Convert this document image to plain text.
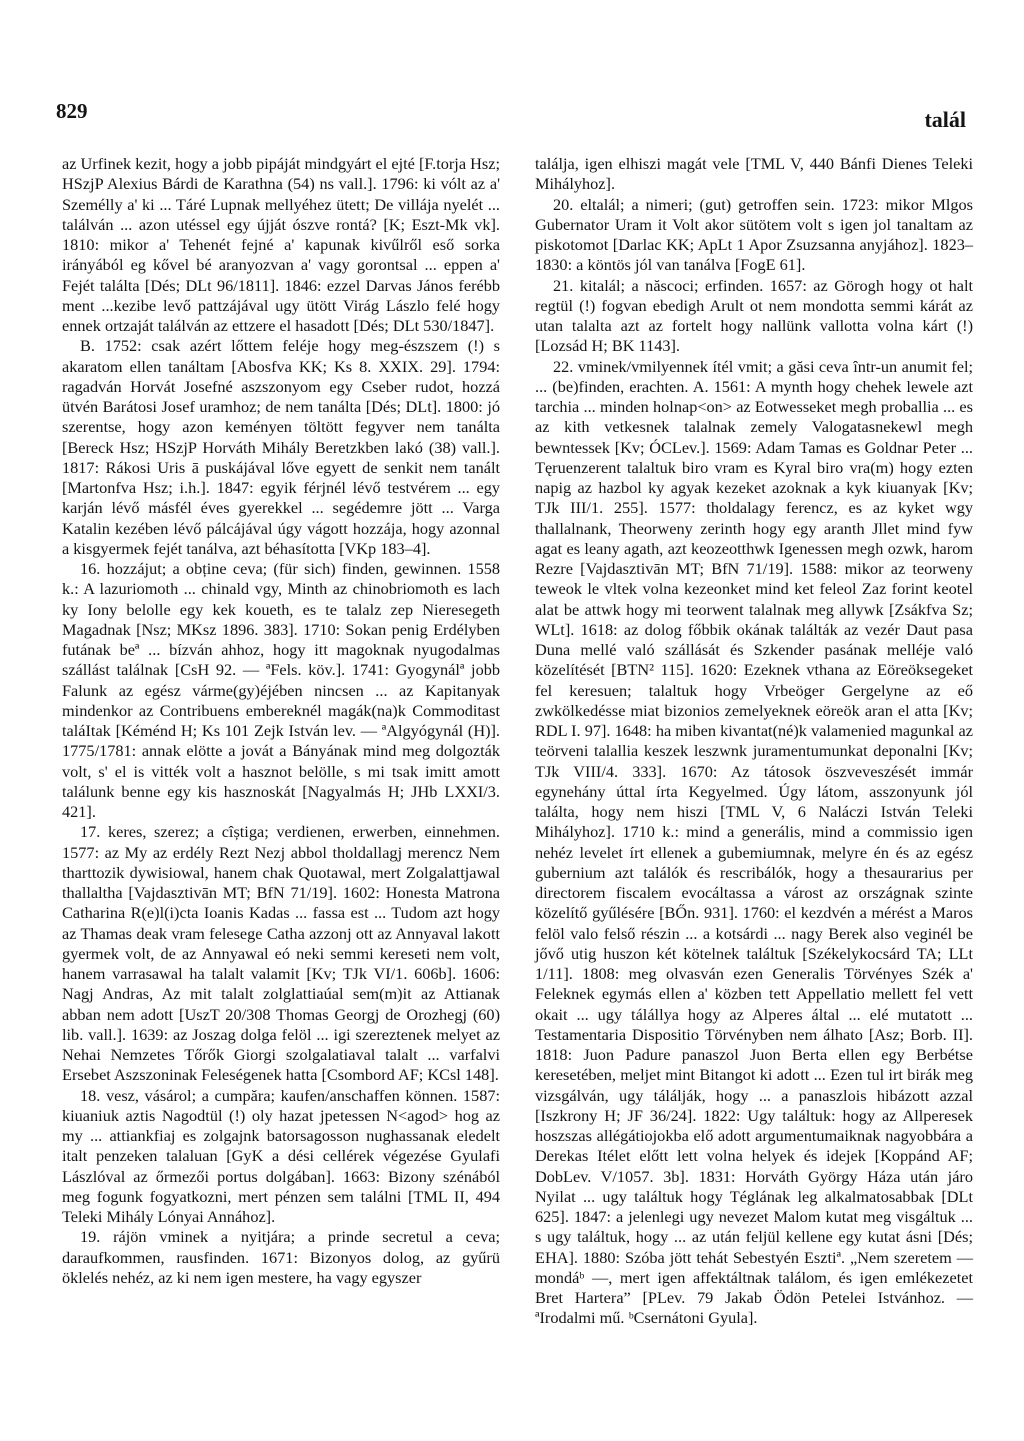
829	talál

az Urfinek kezit, hogy a jobb pipáját mindgyárt el ejté [F.torja Hsz; HSzjP Alexius Bárdi de Karathna (54) ns vall.]. 1796: ki vólt az a' Személly a' ki ... Táré Lupnak mellyéhez ütett; De villája nyelét ... találván ... azon utéssel egy újját ószve rontá? [K; Eszt-Mk vk]. 1810: mikor a' Tehenét fejné a' kapunak kivűlről eső sorka irányából eg kővel bé aranyozvan a' vagy gorontsal ... eppen a' Fejét találta [Dés; DLt 96/1811]. 1846: ezzel Darvas János ferébb ment ...kezibe levő pattzájával ugy ütött Virág Lászlo felé hogy ennek ortzaját találván az ettzere el hasadott [Dés; DLt 530/1847].

B. 1752: csak azért lőttem feléje hogy meg-észszem (!) s akaratom ellen tanáltam [Abosfva KK; Ks 8. XXIX. 29]. 1794: ragadván Horvát Josefné aszszonyom egy Cseber rudot, hozzá ütvén Barátosi Josef uramhoz; de nem tanálta [Dés; DLt]. 1800: jó szerentse, hogy azon keményen töltött fegyver nem tanálta [Bereck Hsz; HSzjP Horváth Mihály Beretzkben lakó (38) vall.]. 1817: Rákosi Uris ā puskájával lőve egyett de senkit nem tanált [Martonfva Hsz; i.h.]. 1847: egyik férjnél lévő testvérem ... egy karján lévő másfél éves gyerekkel ... segédemre jött ... Varga Katalin kezében lévő pálcájával úgy vágott hozzája, hogy azonnal a kisgyermek fejét tanálva, azt béhasította [VKp 183–4].

16. hozzájut; a obține ceva; (für sich) finden, gewinnen. 1558 k.: A lazuriomoth ... chinald vgy, Minth az chinobriomoth es lach ky Iony belolle egy kek koueth, es te talalz zep Nieresegeth Magadnak [Nsz; MKsz 1896. 383]. 1710: Sokan penig Erdélyben futának beª ... bízván ahhoz, hogy itt magoknak nyugodalmas szállást találnak [CsH 92. — ªFels. köv.]. 1741: Gyogynálª jobb Falunk az egész várme(gy)éjében nincsen ... az Kapitanyak mindenkor az Contribuens embereknél magák(na)k Commoditast taláItak [Kéménd H; Ks 101 Zejk István lev. — ªAlgyógynál (H)]. 1775/1781: annak elötte a jovát a Bányának mind meg dolgozták volt, s' el is vitték volt a hasznot belölle, s mi tsak imitt amott találunk benne egy kis hasznoskát [Nagyalmás H; JHb LXXI/3. 421].

17. keres, szerez; a cîștiga; verdienen, erwerben, einnehmen. 1577: az My az erdély Rezt Nezj abbol tholdallagj merencz Nem tharttozik dywisiowal, hanem chak Quotawal, mert Zolgalattjawal thallaltha [Vajdasztivān MT; BfN 71/19]. 1602: Honesta Matrona Catharina R(e)l(i)cta Ioanis Kadas ... fassa est ... Tudom azt hogy az Thamas deak vram felesege Catha azzonj ott az Annyaval lakott gyermek volt, de az Annyawal eó neki semmi kereseti nem volt, hanem varrasawal ha talalt valamit [Kv; TJk VI/1. 606b]. 1606: Nagj Andras, Az mit talalt zolglattiaúal sem(m)it az Attianak abban nem adott [UszT 20/308 Thomas Georgj de Orozhegj (60) lib. vall.]. 1639: az Joszag dolga felöl ... igi szereztenek melyet az Nehai Nemzetes Tőrők Giorgi szolgalatiaval talalt ... varfalvi Ersebet Aszszoninak Feleségenek hatta [Csombord AF; KCsl 148].

18. vesz, vásárol; a cumpăra; kaufen/anschaffen können. 1587: kiuaniuk aztis Nagodtül (!) oly hazat jpetessen N<agod> hog az my ... attiankfiaj es zolgajnk batorsagosson nughassanak eledelt italt penzeken talaluan [GyK a dési cellérek végezése Gyulafi Lászlóval az őrmezői portus dolgában]. 1663: Bizony szénából meg fogunk fogyatkozni, mert pénzen sem találni [TML II, 494 Teleki Mihály Lónyai Annához].

19. rájön vminek a nyitjára; a prinde secretul a ceva; daraufkommen, rausfinden. 1671: Bizonyos dolog, az gyűrü öklelés nehéz, az ki nem igen mestere, ha vagy egyszer

találja, igen elhiszi magát vele [TML V, 440 Bánfi Dienes Teleki Mihályhoz].

20. eltalál; a nimeri; (gut) getroffen sein. 1723: mikor Mlgos Gubernator Uram it Volt akor sütötem volt s igen jol tanaltam az piskotomot [Darlac KK; ApLt 1 Apor Zsuzsanna anyjához]. 1823–1830: a köntös jól van tanálva [FogE 61].

21. kitalál; a născoci; erfinden. 1657: az Görogh hogy ot halt regtül (!) fogvan ebedigh Arult ot nem mondotta semmi kárát az utan talalta azt az fortelt hogy nallünk vallotta volna kárt (!) [Lozsád H; BK 1143].

22. vminek/vmilyennek ítél vmit; a găsi ceva într-un anumit fel; ... (be)finden, erachten. A. 1561: A mynth hogy chehek lewele azt tarchia ... minden holnap<on> az Eotwesseket megh proballia ... es az kith vetkesnek talalnak zemely Valogatasnekewl megh bewntessek [Kv; ÓCLev.]. 1569: Adam Tamas es Goldnar Peter ... Tęruenzerent talaltuk biro vram es Kyral biro vra(m) hogy ezten napig az hazbol ky agyak kezeket azoknak a kyk kiuanyak [Kv; TJk III/1. 255]. 1577: tholdalagy ferencz, es az kyket wgy thallalnank, Theorweny zerinth hogy egy aranth Jllet mind fyw agat es leany agath, azt keozeotthwk Igenessen megh ozwk, harom Rezre [Vajdasztivān MT; BfN 71/19]. 1588: mikor az teorweny teweok le vltek volna kezeonket mind ket feleol Zaz forint keotel alat be attwk hogy mi teorwent talalnak meg allywk [Zsákfva Sz; WLt]. 1618: az dolog főbbik okának találták az vezér Daut pasa Duna mellé való szállását és Szkender pasának melléje való közelítését [BTN² 115]. 1620: Ezeknek vthana az Eöreöksegeket fel keresuen; talaltuk hogy Vrbeöger Gergelyne az eő zwkölkedésse miat bizonios zemelyeknek eöreök aran el atta [Kv; RDL I. 97]. 1648: ha miben kivantat(né)k valamenied magunkal az teörveni talallia keszek leszwnk juramentumunkat deponalni [Kv; TJk VIII/4. 333]. 1670: Az tátosok öszveveszését immár egynehány úttal írta Kegyelmed. Úgy látom, asszonyunk jól találta, hogy nem hiszi [TML V, 6 Naláczi István Teleki Mihályhoz]. 1710 k.: mind a generális, mind a commissio igen nehéz levelet írt ellenek a gubemiumnak, melyre én és az egész gubernium azt találók és rescribálók, hogy a thesaurarius per directorem fiscalem evocáltassa a várost az országnak szinte közelítő gyűlésére [BŐn. 931]. 1760: el kezdvén a mérést a Maros felöl valo felső részin ... a kotsárdi ... nagy Berek also veginél be jővő utig huszon két kötelnek találtuk [Székelykocsárd TA; LLt 1/11]. 1808: meg olvasván ezen Generalis Törvényes Szék a' Feleknek egymás ellen a' közben tett Appellatio mellett fel vett okait ... ugy tálállya hogy az Alperes által ... elé mutatott ... Testamentaria Dispositio Törvényben nem álhato [Asz; Borb. II]. 1818: Juon Padure panaszol Juon Berta ellen egy Berbétse keresetében, meljet mint Bitangot ki adott ... Ezen tul irt birák meg vizsgálván, ugy tálálják, hogy ... a panaszlois hibázott azzal [Iszkrony H; JF 36/24]. 1822: Ugy találtuk: hogy az Allperesek hoszszas allégátiojokba elő adott argumentumaiknak nagyobbára a Derekas Itélet előtt lett volna helyek és idejek [Koppánd AF; DobLev. V/1057. 3b]. 1831: Horváth György Háza után járo Nyilat ... ugy találtuk hogy Téglának leg alkalmatosabbak [DLt 625]. 1847: a jelenlegi ugy nevezet Malom kutat meg visgáltuk ... s ugy találtuk, hogy ... az után feljül kellene egy kutat ásni [Dés; EHA]. 1880: Szóba jött tehát Sebestyén Esztiª. „Nem szeretem — mondáᵇ —, mert igen affektáltnak találom, és igen emlékezetet Bret Hartera” [PLev. 79 Jakab Ödön Petelei Istvánhoz. — ªIrodalmi mű. ᵇCsernátoni Gyula].
